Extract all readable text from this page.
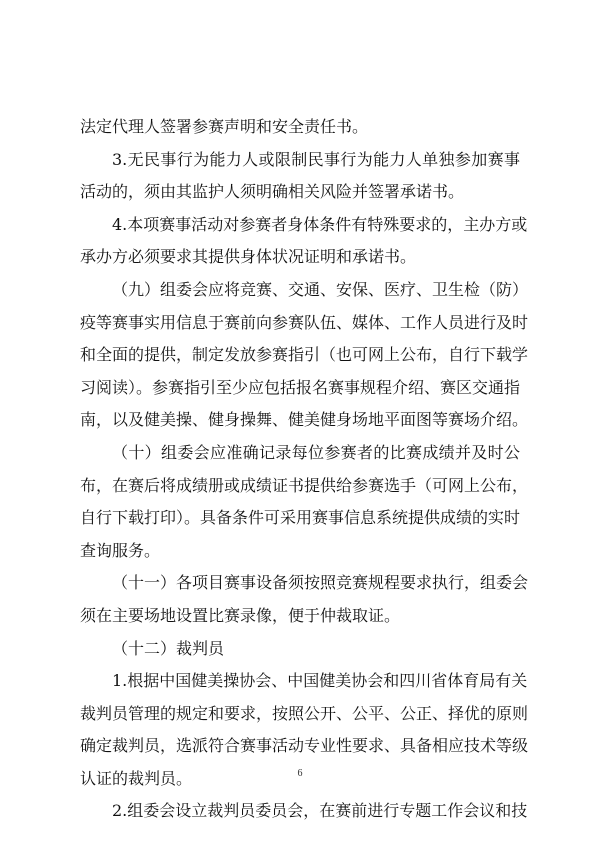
法定代理人签署参赛声明和安全责任书。
3.无民事行为能力人或限制民事行为能力人单独参加赛事
活动的，须由其监护人须明确相关风险并签署承诺书。
4.本项赛事活动对参赛者身体条件有特殊要求的，主办方或
承办方必须要求其提供身体状况证明和承诺书。
（九）组委会应将竞赛、交通、安保、医疗、卫生检（防）
疫等赛事实用信息于赛前向参赛队伍、媒体、工作人员进行及时
和全面的提供，制定发放参赛指引（也可网上公布，自行下载学
习阅读）。参赛指引至少应包括报名赛事规程介绍、赛区交通指
南，以及健美操、健身操舞、健美健身场地平面图等赛场介绍。
（十）组委会应准确记录每位参赛者的比赛成绩并及时公
布，在赛后将成绩册或成绩证书提供给参赛选手（可网上公布，
自行下载打印）。具备条件可采用赛事信息系统提供成绩的实时
查询服务。
（十一）各项目赛事设备须按照竞赛规程要求执行，组委会
须在主要场地设置比赛录像，便于仲裁取证。
（十二）裁判员
1.根据中国健美操协会、中国健美协会和四川省体育局有关
裁判员管理的规定和要求，按照公开、公平、公正、择优的原则
确定裁判员，选派符合赛事活动专业性要求、具备相应技术等级
认证的裁判员。
2.组委会设立裁判员委员会，在赛前进行专题工作会议和技
6
